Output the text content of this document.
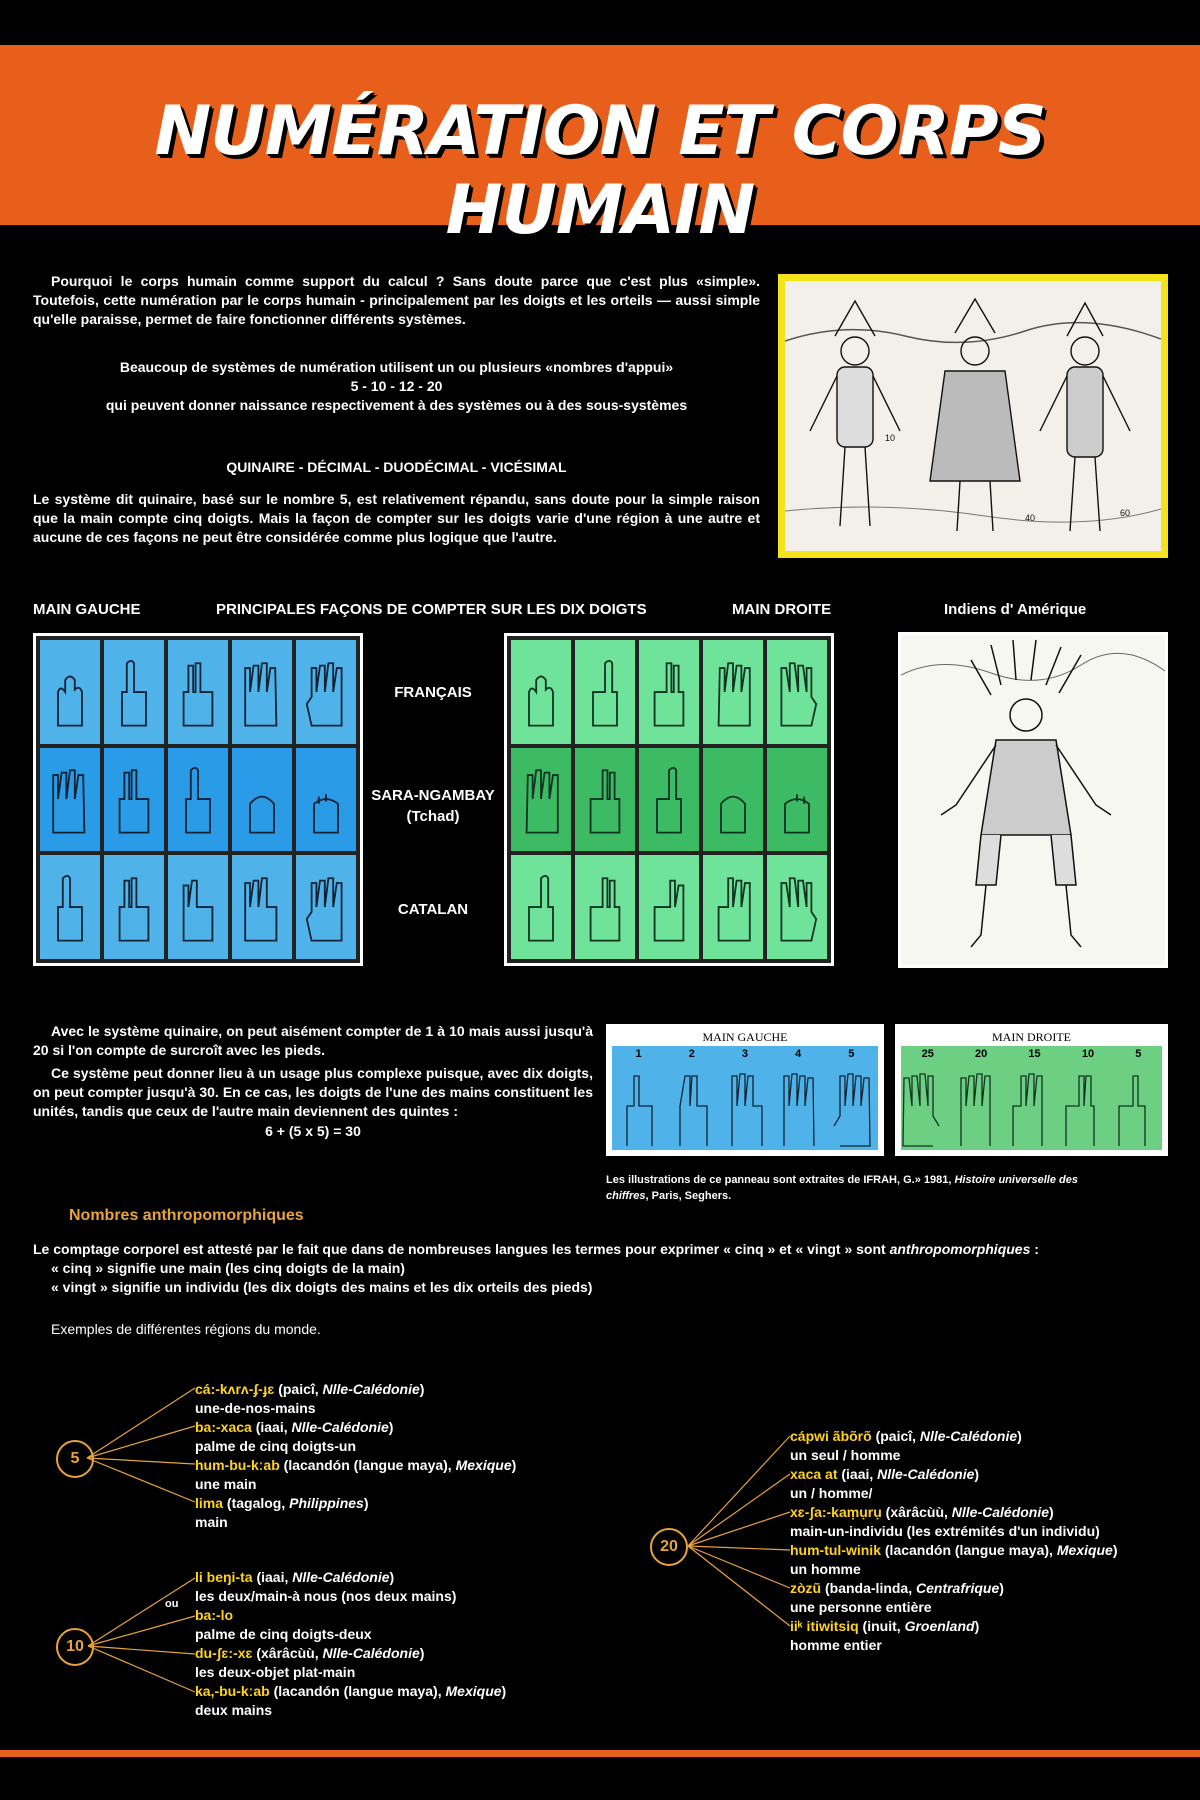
NUMÉRATION ET CORPS HUMAIN
Pourquoi le corps humain comme support du calcul ? Sans doute parce que c'est plus «simple». Toutefois, cette numération par le corps humain - principalement par les doigts et les orteils — aussi simple qu'elle paraisse, permet de faire fonctionner différents systèmes.
Beaucoup de systèmes de numération utilisent un ou plusieurs «nombres d'appui»
5 - 10 - 12 - 20
qui peuvent donner naissance respectivement à des systèmes ou à des sous-systèmes
QUINAIRE - DÉCIMAL - DUODÉCIMAL - VICÉSIMAL
Le système dit quinaire, basé sur le nombre 5, est relativement répandu, sans doute pour la simple raison que la main compte cinq doigts. Mais la façon de compter sur les doigts varie d'une région à une autre et aucune de ces façons ne peut être considérée comme plus logique que l'autre.
10
40	60
MAIN GAUCHE	PRINCIPALES FAÇONS DE COMPTER SUR LES DIX DOIGTS	MAIN DROITE	Indiens d' Amérique
FRANÇAIS
SARA-NGAMBAY
(Tchad)
CATALAN
Avec le système quinaire, on peut aisément compter de 1 à 10 mais aussi jusqu'à 20 si l'on compte de surcroît avec les pieds.
Ce système peut donner lieu à un usage plus complexe puisque, avec dix doigts, on peut compter jusqu'à 30. En ce cas, les doigts de l'une des mains constituent les unités, tandis que ceux de l'autre main deviennent des quintes :
6 + (5 x 5) = 30
MAIN GAUCHE
1	2	3	4	5
MAIN DROITE
25	20	15	10	5
Les illustrations de ce panneau sont extraites de IFRAH, G.» 1981, Histoire universelle des chiffres, Paris, Seghers.
Nombres anthropomorphiques
Le comptage corporel est attesté par le fait que dans de nombreuses langues les termes pour exprimer « cinq » et « vingt » sont anthropomorphiques :
« cinq » signifie une main (les cinq doigts de la main)
« vingt » signifie un individu (les dix doigts des mains et les dix orteils des pieds)
Exemples de différentes régions du monde.
5
10
20
ou
cá:-kʌrʌ-ʄ-ɟɛ (paicî, Nlle-Calédonie)
une-de-nos-mains
ba:-xaca (iaai, Nlle-Calédonie)
palme de cinq doigts-un
hum-bu-kːab (lacandón (langue maya), Mexique)
une main
lima (tagalog, Philippines)
main
li beŋi-ta (iaai, Nlle-Calédonie)
les deux/main-à nous (nos deux mains)
ba:-lo
palme de cinq doigts-deux
du-ʃɛ:-xɛ (xârâcùù, Nlle-Calédonie)
les deux-objet plat-main
ka,-bu-kːab (lacandón (langue maya), Mexique)
deux mains
cápwi ãbõrõ (paicî, Nlle-Calédonie)
un seul / homme
xaca at (iaai, Nlle-Calédonie)
un / homme/
xɛ-ʃa:-kaṃụrụ (xârâcùù, Nlle-Calédonie)
main-un-individu (les extrémités d'un individu)
hum-tul-winik (lacandón (langue maya), Mexique)
un homme
zòzũ (banda-linda, Centrafrique)
une personne entière
iiᵏ itiwitsiq (inuit, Groenland)
homme entier
